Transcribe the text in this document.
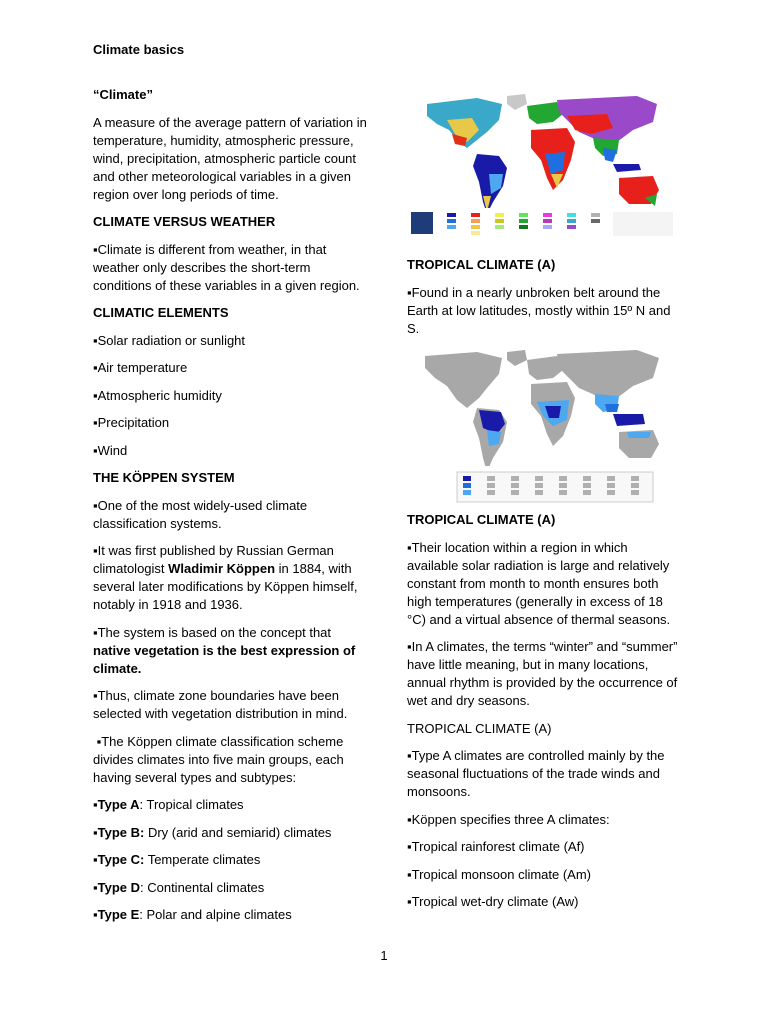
Climate basics

“Climate”

A measure of the average pattern of variation in temperature, humidity, atmospheric pressure, wind, precipitation, atmospheric particle count and other meteorological variables in a given region over long periods of time.

CLIMATE VERSUS WEATHER

▪Climate is different from weather, in that weather only describes the short-term conditions of these variables in a given region.

CLIMATIC ELEMENTS

▪Solar radiation or sunlight

▪Air temperature

▪Atmospheric humidity

▪Precipitation

▪Wind

THE KÖPPEN SYSTEM

▪One of the most widely-used climate classification systems.

▪It was first published by Russian German climatologist Wladimir Köppen in 1884, with several later modifications by Köppen himself, notably in 1918 and 1936.

▪The system is based on the concept that native vegetation is the best expression of climate.

▪Thus, climate zone boundaries have been selected with vegetation distribution in mind.

▪The Köppen climate classification scheme divides climates into five main groups, each having several types and subtypes:

▪Type A: Tropical climates

▪Type B: Dry (arid and semiarid) climates

▪Type C: Temperate climates

▪Type D: Continental climates

▪Type E: Polar and alpine climates

TROPICAL CLIMATE (A)

▪Found in a nearly unbroken belt around the Earth at low latitudes, mostly within 15º N and S.

TROPICAL CLIMATE (A)

▪Their location within a region in which available solar radiation is large and relatively constant from month to month ensures both high temperatures (generally in excess of 18 °C) and a virtual absence of thermal seasons.

▪In A climates, the terms “winter” and “summer” have little meaning, but in many locations, annual rhythm is provided by the occurrence of wet and dry seasons.

TROPICAL CLIMATE (A)

▪Type A climates are controlled mainly by the seasonal fluctuations of the trade winds and monsoons.

▪Köppen specifies three A climates:

▪Tropical rainforest climate (Af)

▪Tropical monsoon climate (Am)

▪Tropical wet-dry climate (Aw)

1
